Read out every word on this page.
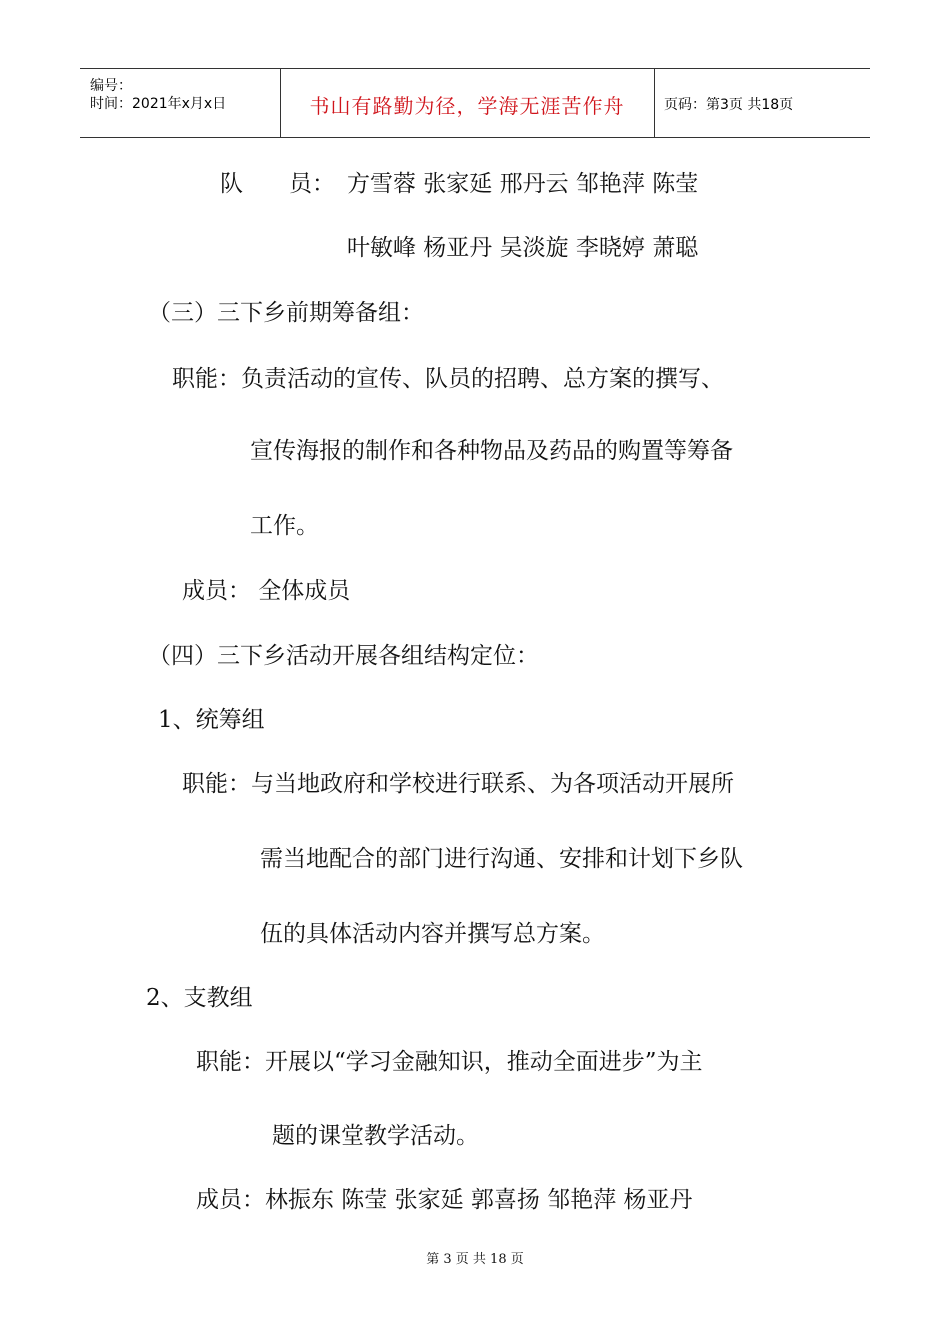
编号：
时间：2021年x月x日	书山有路勤为径，学海无涯苦作舟	页码：第3页 共18页
队　　员： 方雪蓉 张家延 邢丹云 邹艳萍 陈莹
叶敏峰 杨亚丹 吴淡旋 李晓婷 萧聪
（三）三下乡前期筹备组：
职能：负责活动的宣传、队员的招聘、总方案的撰写、
宣传海报的制作和各种物品及药品的购置等筹备
工作。
成员： 全体成员
（四）三下乡活动开展各组结构定位：
1、统筹组
职能：与当地政府和学校进行联系、为各项活动开展所
需当地配合的部门进行沟通、安排和计划下乡队
伍的具体活动内容并撰写总方案。
2、支教组
职能：开展以“学习金融知识，推动全面进步”为主
题的课堂教学活动。
成员：林振东 陈莹 张家延 郭喜扬 邹艳萍 杨亚丹
第 3 页 共 18 页
